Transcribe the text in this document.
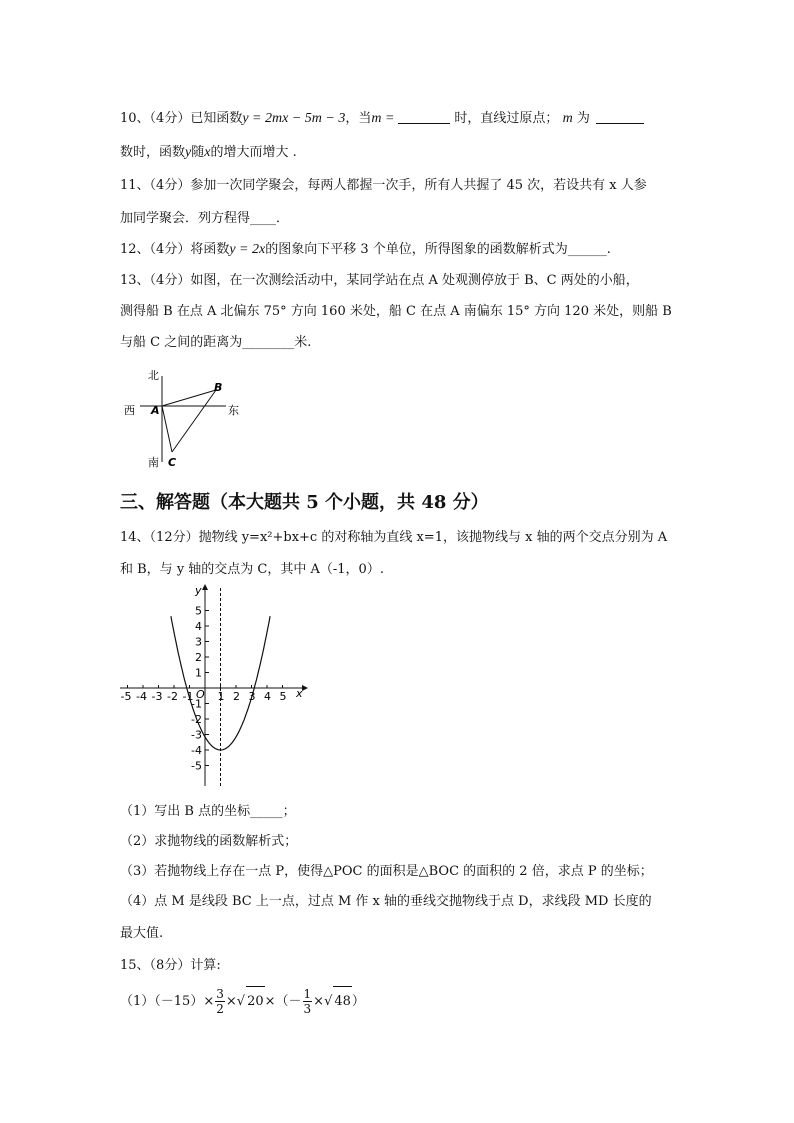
10、（4分）已知函数y = 2mx − 5m − 3，当m =	时，直线过原点； m 为
数时，函数y随x的增大而增大 .
11、（4分）参加一次同学聚会，每两人都握一次手，所有人共握了 45 次，若设共有 x 人参
加同学聚会．列方程得____．
12、（4分）将函数y = 2x的图象向下平移 3 个单位，所得图象的函数解析式为______.
13、（4分）如图，在一次测绘活动中，某同学站在点 A 处观测停放于 B、C 两处的小船，
测得船 B 在点 A 北偏东 75° 方向 160 米处，船 C 在点 A 南偏东 15° 方向 120 米处，则船 B
与船 C 之间的距离为________米.
北
南
西	东
A
B
C
三、解答题（本大题共 5 个小题，共 48 分）
14、（12分）抛物线 y=x²+bx+c 的对称轴为直线 x=1，该抛物线与 x 轴的两个交点分别为 A
和 B，与 y 轴的交点为 C，其中 A（-1，0）.
x
y
O
-5 -4 -3 -2 -1 1 2 3 4 5
5
4
3
2
1
-1
-2
-3
-4
-5
（1）写出 B 点的坐标_____；
（2）求抛物线的函数解析式；
（3）若抛物线上存在一点 P，使得△POC 的面积是△BOC 的面积的 2 倍，求点 P 的坐标；
（4）点 M 是线段 BC 上一点，过点 M 作 x 轴的垂线交抛物线于点 D，求线段 MD 长度的
最大值.
15、（8分）计算:
$(1)(-15)\times \frac{3}{2}$ ×√ $20\times(- \frac{1}{3}$ ×√ 48）
